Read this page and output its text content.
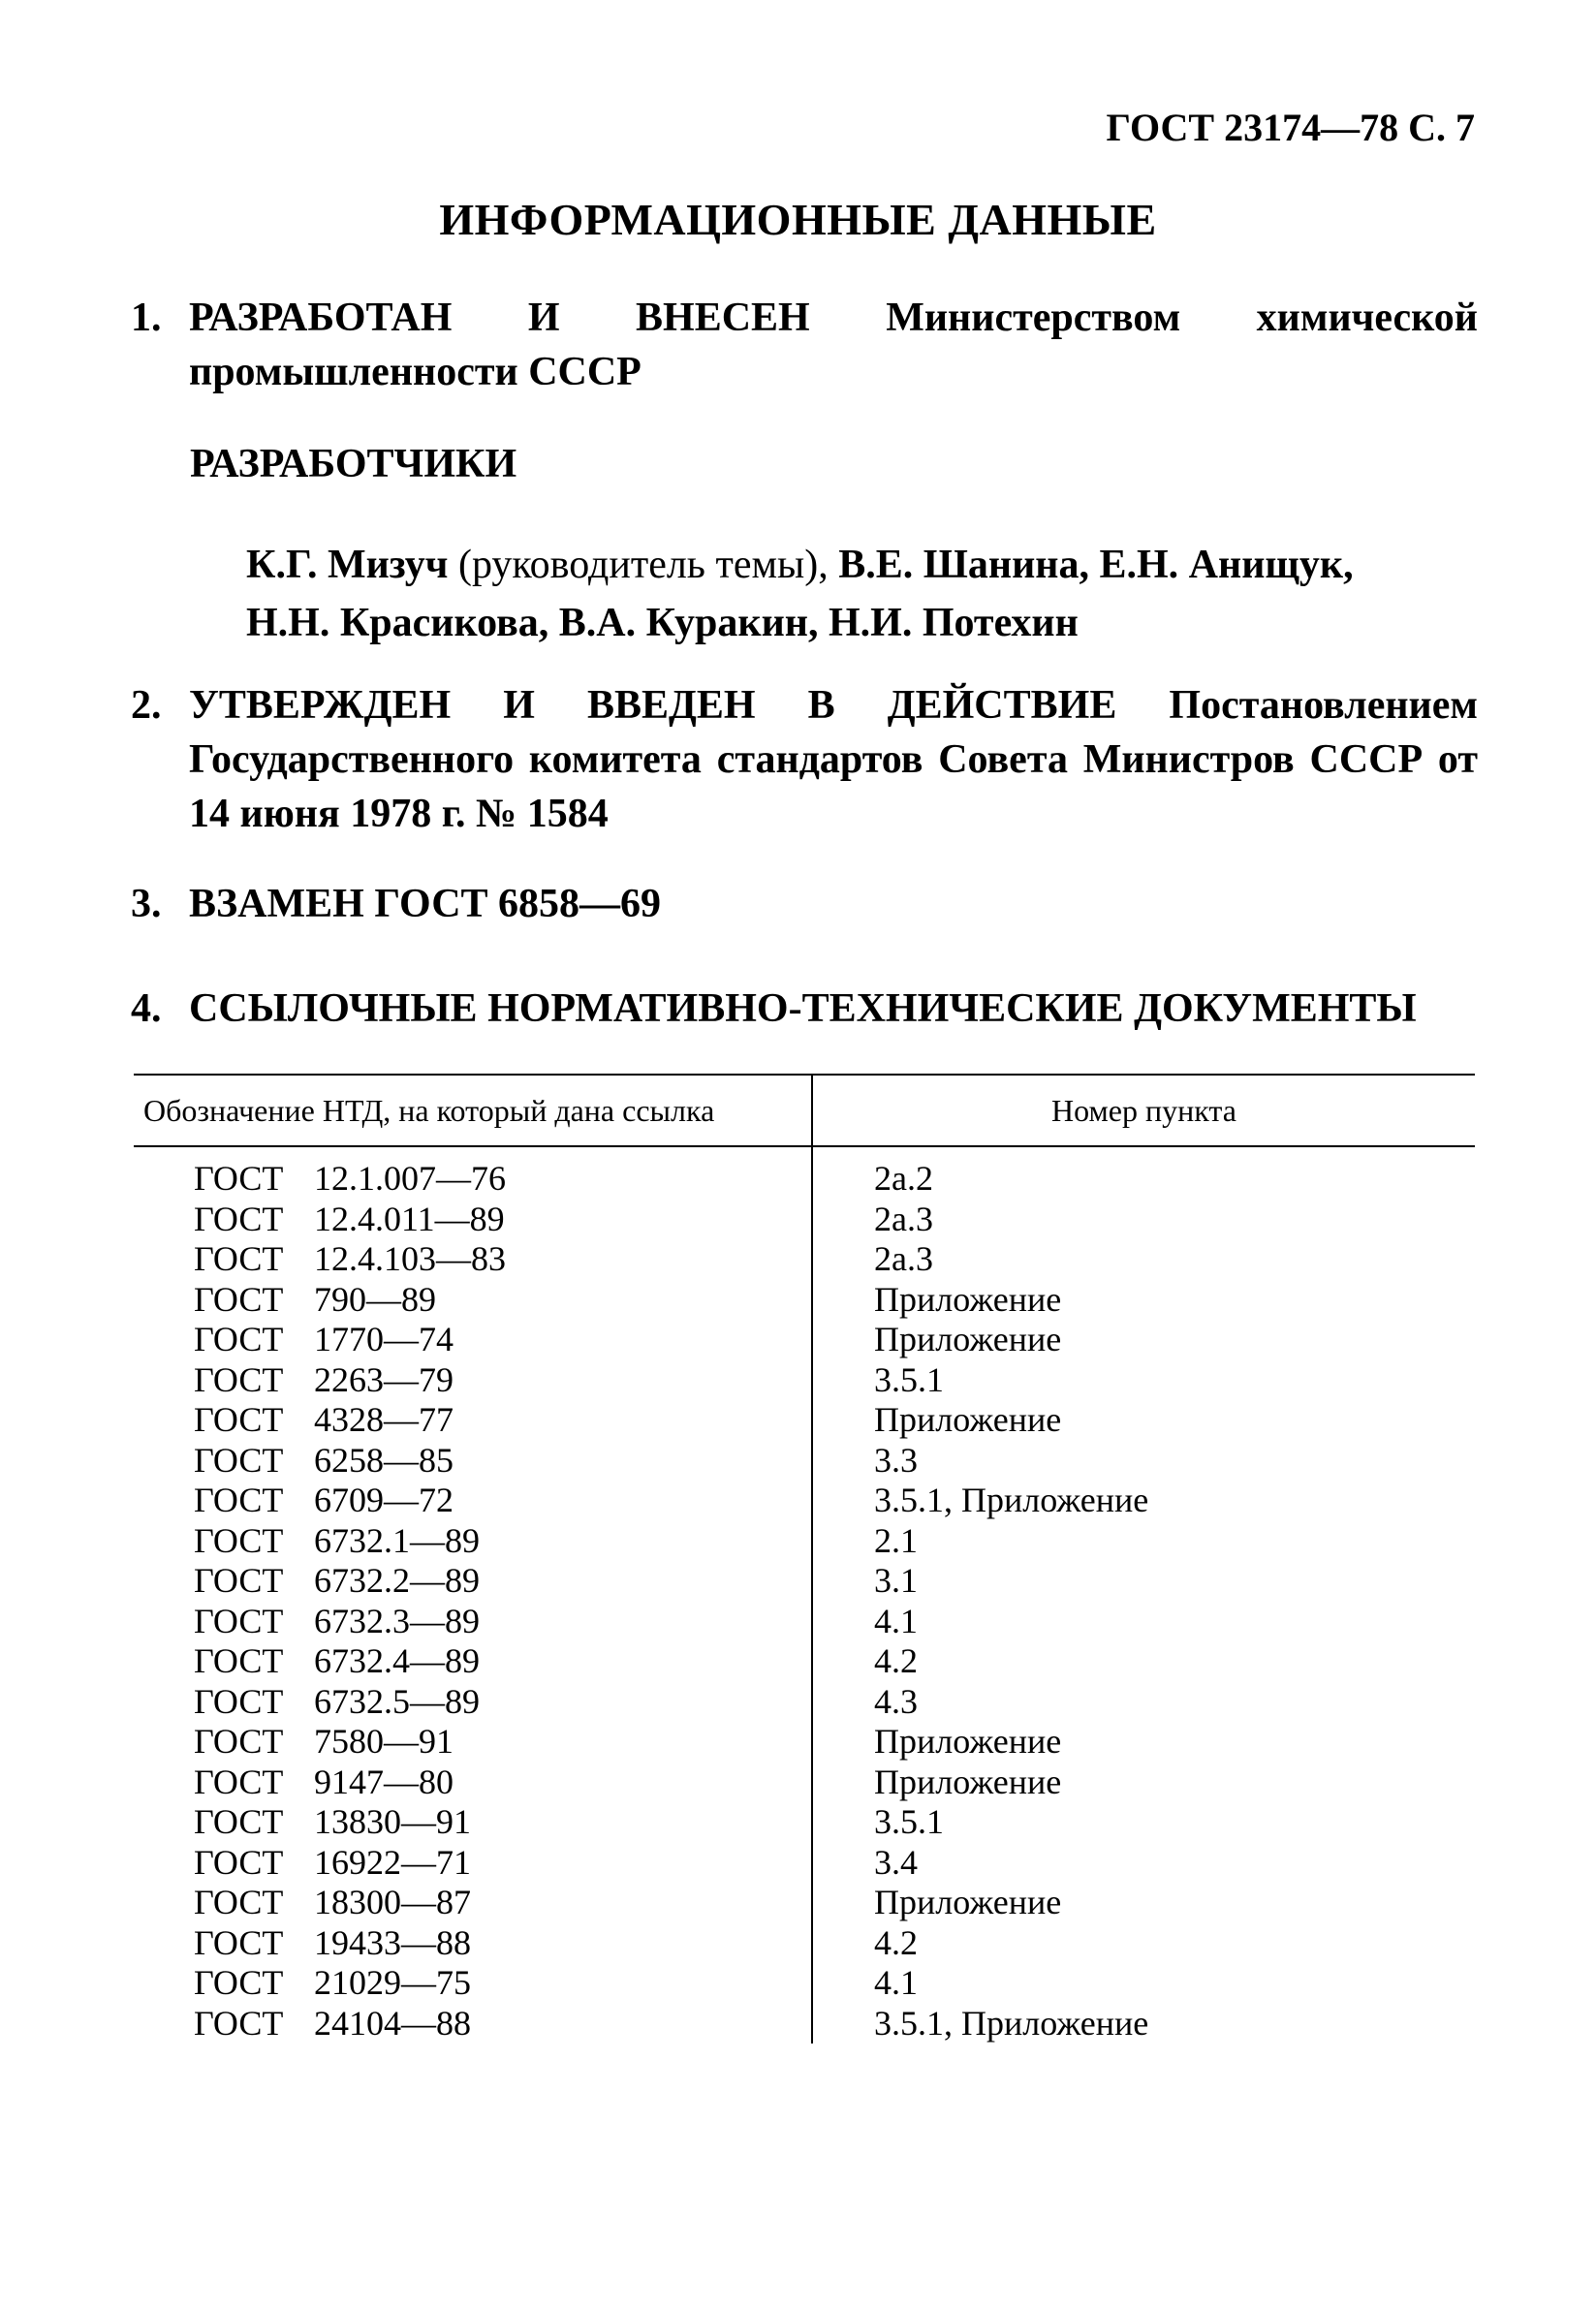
ГОСТ 23174—78 С. 7
ИНФОРМАЦИОННЫЕ ДАННЫЕ
1. РАЗРАБОТАН И ВНЕСЕН Министерством химической промышленности СССР
РАЗРАБОТЧИКИ
К.Г. Мизуч (руководитель темы), В.Е. Шанина, Е.Н. Анищук,
Н.Н. Красикова, В.А. Куракин, Н.И. Потехин
2. УТВЕРЖДЕН И ВВЕДЕН В ДЕЙСТВИЕ Постановлением Государственного комитета стандартов Совета Министров СССР от 14 июня 1978 г. № 1584
3. ВЗАМЕН ГОСТ 6858—69
4. ССЫЛОЧНЫЕ НОРМАТИВНО-ТЕХНИЧЕСКИЕ ДОКУМЕНТЫ
Обозначение НТД, на который дана ссылка	Номер пункта
ГОСТ 12.1.007—76	2а.2
ГОСТ 12.4.011—89	2а.3
ГОСТ 12.4.103—83	2а.3
ГОСТ 790—89	Приложение
ГОСТ 1770—74	Приложение
ГОСТ 2263—79	3.5.1
ГОСТ 4328—77	Приложение
ГОСТ 6258—85	3.3
ГОСТ 6709—72	3.5.1, Приложение
ГОСТ 6732.1—89	2.1
ГОСТ 6732.2—89	3.1
ГОСТ 6732.3—89	4.1
ГОСТ 6732.4—89	4.2
ГОСТ 6732.5—89	4.3
ГОСТ 7580—91	Приложение
ГОСТ 9147—80	Приложение
ГОСТ 13830—91	3.5.1
ГОСТ 16922—71	3.4
ГОСТ 18300—87	Приложение
ГОСТ 19433—88	4.2
ГОСТ 21029—75	4.1
ГОСТ 24104—88	3.5.1, Приложение
